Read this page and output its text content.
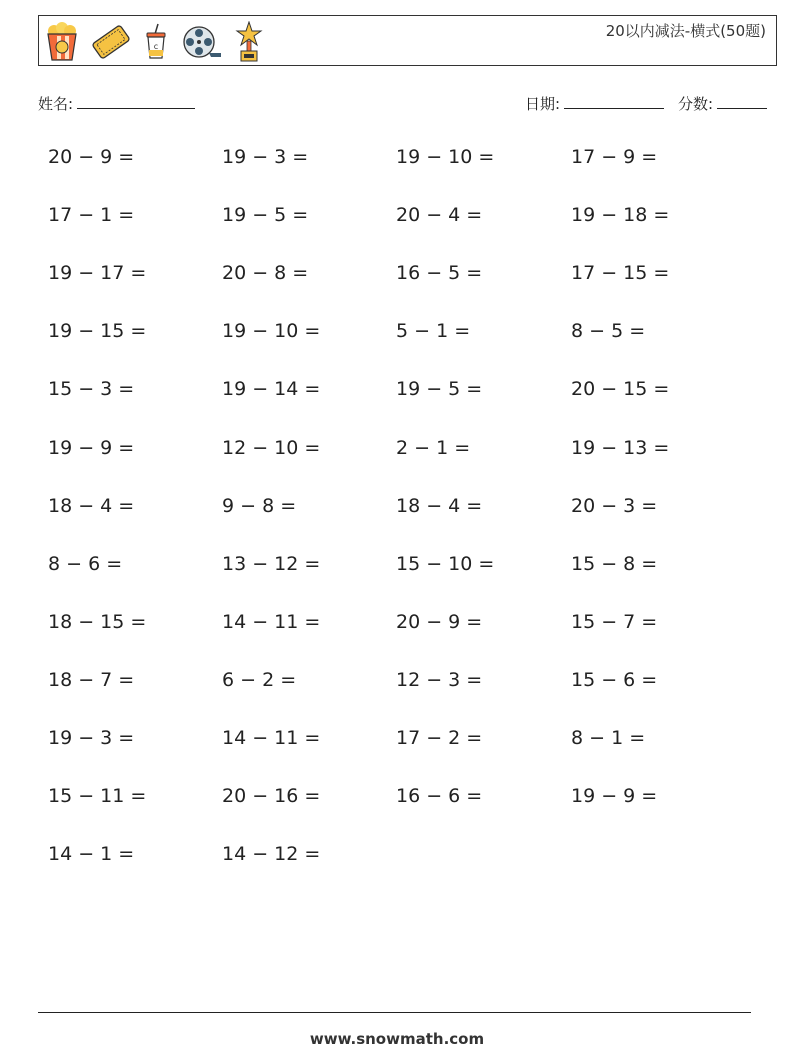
c
20以内减法-横式(50题)
姓名:	日期:	分数:
20 − 9 =	19 − 3 =	19 − 10 =	17 − 9 =
17 − 1 =	19 − 5 =	20 − 4 =	19 − 18 =
19 − 17 =	20 − 8 =	16 − 5 =	17 − 15 =
19 − 15 =	19 − 10 =	5 − 1 =	8 − 5 =
15 − 3 =	19 − 14 =	19 − 5 =	20 − 15 =
19 − 9 =	12 − 10 =	2 − 1 =	19 − 13 =
18 − 4 =	9 − 8 =	18 − 4 =	20 − 3 =
8 − 6 =	13 − 12 =	15 − 10 =	15 − 8 =
18 − 15 =	14 − 11 =	20 − 9 =	15 − 7 =
18 − 7 =	6 − 2 =	12 − 3 =	15 − 6 =
19 − 3 =	14 − 11 =	17 − 2 =	8 − 1 =
15 − 11 =	20 − 16 =	16 − 6 =	19 − 9 =
14 − 1 =	14 − 12 =
www.snowmath.com
